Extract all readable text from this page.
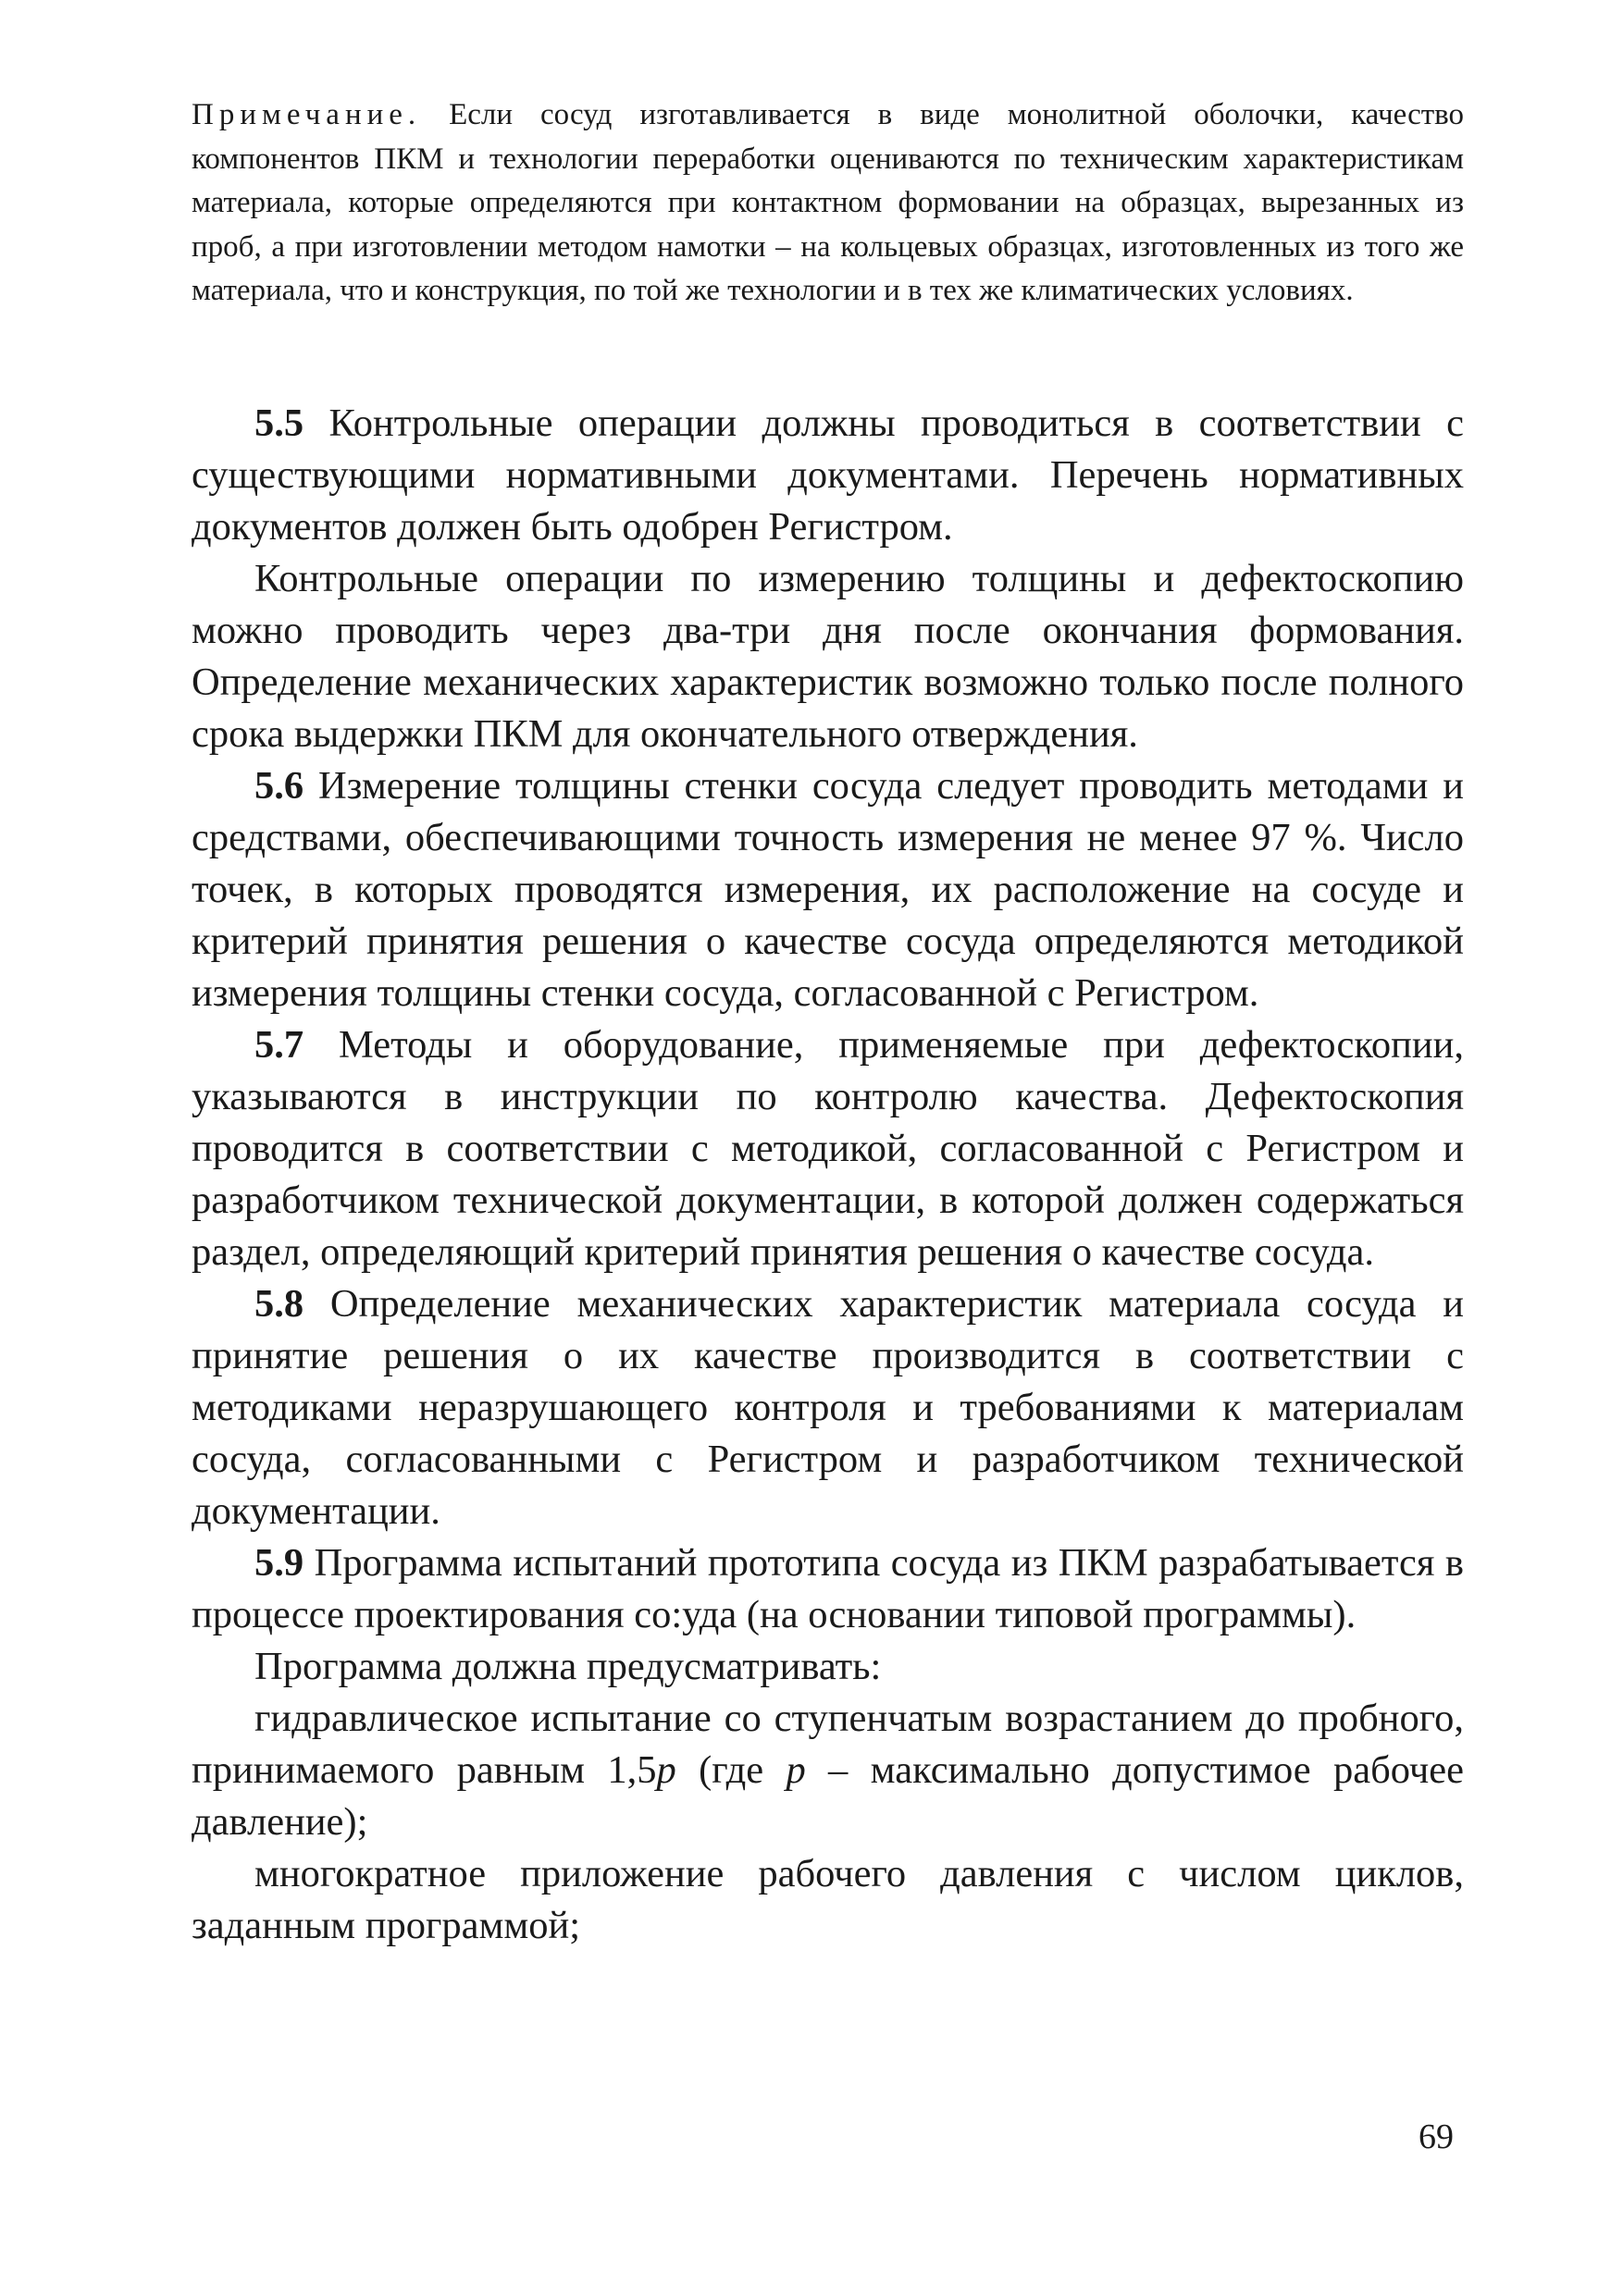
Примечание. Если сосуд изготавливается в виде монолитной оболочки, качество компонентов ПКМ и технологии переработки оцениваются по техническим характеристикам материала, которые определяются при контактном формовании на образцах, вырезанных из проб, а при изготовлении методом намотки – на кольцевых образцах, изготовленных из того же материала, что и конструкция, по той же технологии и в тех же климатических условиях.

5.5 Контрольные операции должны проводиться в соответствии с существующими нормативными документами. Перечень нормативных документов должен быть одобрен Регистром.

Контрольные операции по измерению толщины и дефектоскопию можно проводить через два-три дня после окончания формования. Определение механических характеристик возможно только после полного срока выдержки ПКМ для окончательного отверждения.

5.6 Измерение толщины стенки сосуда следует проводить методами и средствами, обеспечивающими точность измерения не менее 97 %. Число точек, в которых проводятся измерения, их расположение на сосуде и критерий принятия решения о качестве сосуда определяются методикой измерения толщины стенки сосуда, согласованной с Регистром.

5.7 Методы и оборудование, применяемые при дефектоскопии, указываются в инструкции по контролю качества. Дефектоскопия проводится в соответствии с методикой, согласованной с Регистром и разработчиком технической документации, в которой должен содержаться раздел, определяющий критерий принятия решения о качестве сосуда.

5.8 Определение механических характеристик материала сосуда и принятие решения о их качестве производится в соответствии с методиками неразрушающего контроля и требованиями к материалам сосуда, согласованными с Регистром и разработчиком технической документации.

5.9 Программа испытаний прототипа сосуда из ПКМ разрабатывается в процессе проектирования со:уда (на основании типовой программы).

Программа должна предусматривать:

гидравлическое испытание со ступенчатым возрастанием до пробного, принимаемого равным 1,5p (где p – максимально допустимое рабочее давление);

многократное приложение рабочего давления с числом циклов, заданным программой;

69
